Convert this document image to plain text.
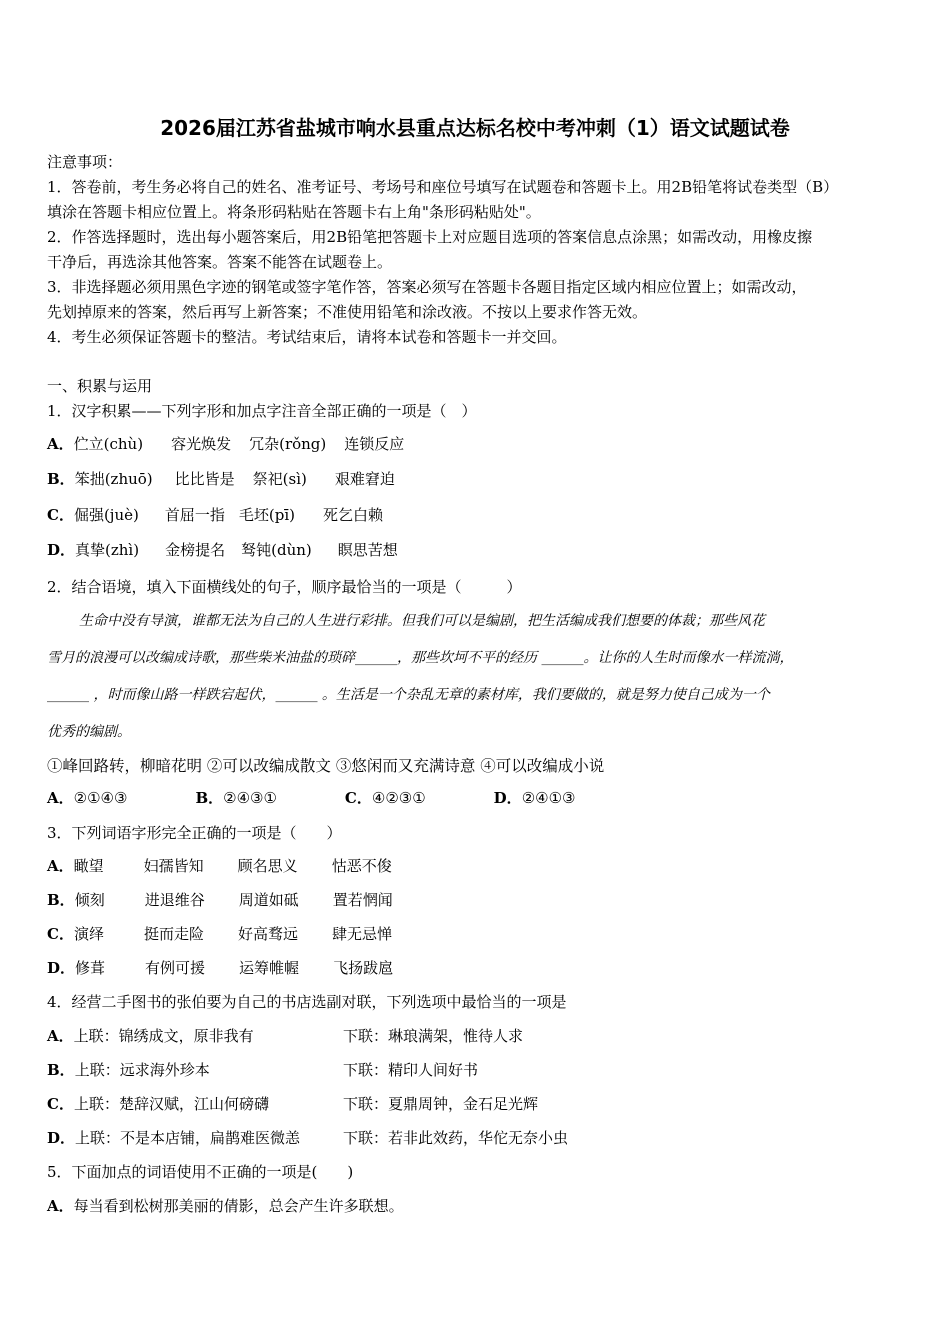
2026届江苏省盐城市响水县重点达标名校中考冲刺（1）语文试题试卷
注意事项：
1．答卷前，考生务必将自己的姓名、准考证号、考场号和座位号填写在试题卷和答题卡上。用2B铅笔将试卷类型（B）
填涂在答题卡相应位置上。将条形码粘贴在答题卡右上角"条形码粘贴处"。
2．作答选择题时，选出每小题答案后，用2B铅笔把答题卡上对应题目选项的答案信息点涂黑；如需改动，用橡皮擦
干净后，再选涂其他答案。答案不能答在试题卷上。
3．非选择题必须用黑色字迹的钢笔或签字笔作答，答案必须写在答题卡各题目指定区域内相应位置上；如需改动，
先划掉原来的答案，然后再写上新答案；不准使用铅笔和涂改液。不按以上要求作答无效。
4．考生必须保证答题卡的整洁。考试结束后，请将本试卷和答题卡一并交回。
一、积累与运用
1．汉字积累——下列字形和加点字注音全部正确的一项是（　）
A．伫立(chù) 容光焕发 冗杂(rǒng) 连锁反应
B．笨拙(zhuō) 比比皆是 祭祀(sì) 艰难窘迫
C．倔强(juè) 首屈一指 毛坯(pī) 死乞白赖
D．真挚(zhì) 金榜提名 驽钝(dùn) 瞑思苦想
2．结合语境，填入下面横线处的句子，顺序最恰当的一项是（　　　）
生命中没有导演，谁都无法为自己的人生进行彩排。但我们可以是编剧，把生活编成我们想要的体裁；那些风花
雪月的浪漫可以改编成诗歌，那些柴米油盐的琐碎______，那些坎坷不平的经历 ______。让你的人生时而像水一样流淌，
______ ，时而像山路一样跌宕起伏，______ 。生活是一个杂乱无章的素材库，我们要做的，就是努力使自己成为一个
优秀的编剧。
①峰回路转，柳暗花明 ②可以改编成散文 ③悠闲而又充满诗意 ④可以改编成小说
A．②①④③	B．②④③①	C．④②③①	D．②④①③
3．下列词语字形完全正确的一项是（　　）
A．瞰望	妇孺皆知 顾名思义 怙恶不俊
B．倾刻	进退维谷 周道如砥 置若惘闻
C．演绎	挺而走险 好高骛远 肆无忌惮
D．修葺	有例可援 运筹帷幄 飞扬跋扈
4．经营二手图书的张伯要为自己的书店选副对联，下列选项中最恰当的一项是
A．上联：锦绣成文，原非我有	下联：琳琅满架，惟待人求
B．上联：远求海外珍本	下联：精印人间好书
C．上联：楚辞汉赋，江山何磅礴	下联：夏鼎周钟，金石足光辉
D．上联：不是本店铺，扁鹊难医微恙	下联：若非此效药，华佗无奈小虫
5．下面加点的词语使用不正确的一项是(　　)
A．每当看到松树那美丽的倩影，总会产生许多联想。
